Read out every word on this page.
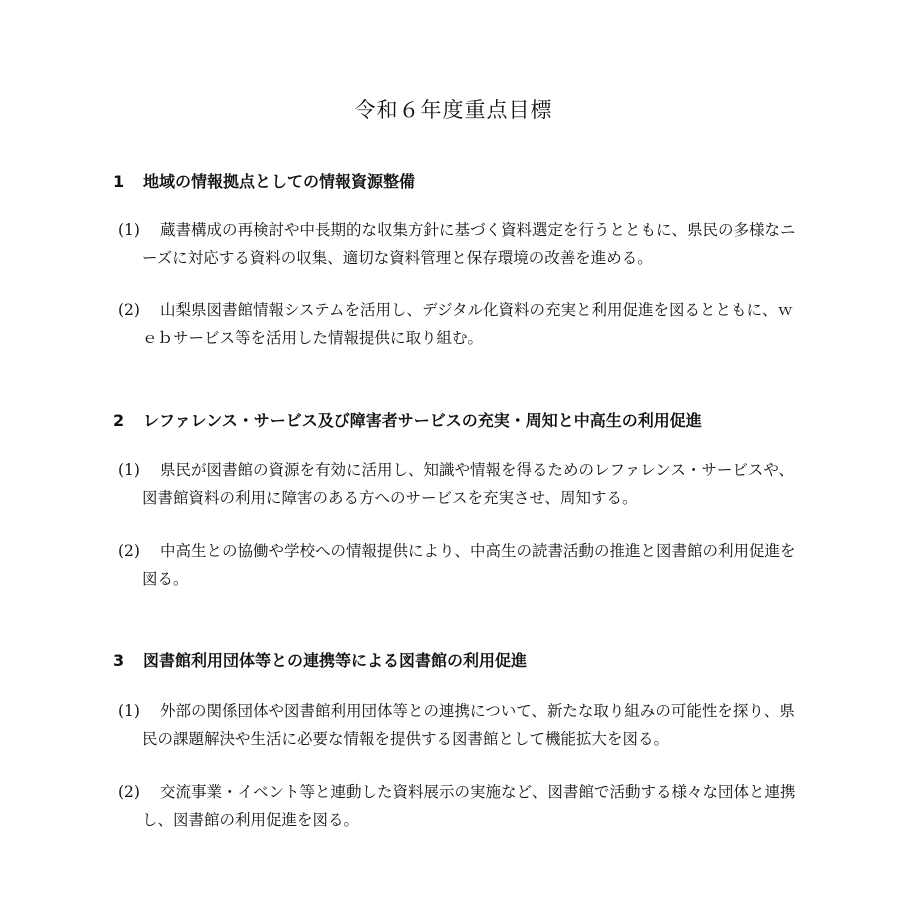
令和６年度重点目標
1 地域の情報拠点としての情報資源整備
(1)	蔵書構成の再検討や中長期的な収集方針に基づく資料選定を行うとともに、県民の多様なニーズに対応する資料の収集、適切な資料管理と保存環境の改善を進める。
(2)	山梨県図書館情報システムを活用し、デジタル化資料の充実と利用促進を図るとともに、ｗｅｂサービス等を活用した情報提供に取り組む。
2 レファレンス・サービス及び障害者サービスの充実・周知と中高生の利用促進
(1)	県民が図書館の資源を有効に活用し、知識や情報を得るためのレファレンス・サービスや、図書館資料の利用に障害のある方へのサービスを充実させ、周知する。
(2)	中高生との協働や学校への情報提供により、中高生の読書活動の推進と図書館の利用促進を図る。
3 図書館利用団体等との連携等による図書館の利用促進
(1)	外部の関係団体や図書館利用団体等との連携について、新たな取り組みの可能性を探り、県民の課題解決や生活に必要な情報を提供する図書館として機能拡大を図る。
(2)	交流事業・イベント等と連動した資料展示の実施など、図書館で活動する様々な団体と連携し、図書館の利用促進を図る。
